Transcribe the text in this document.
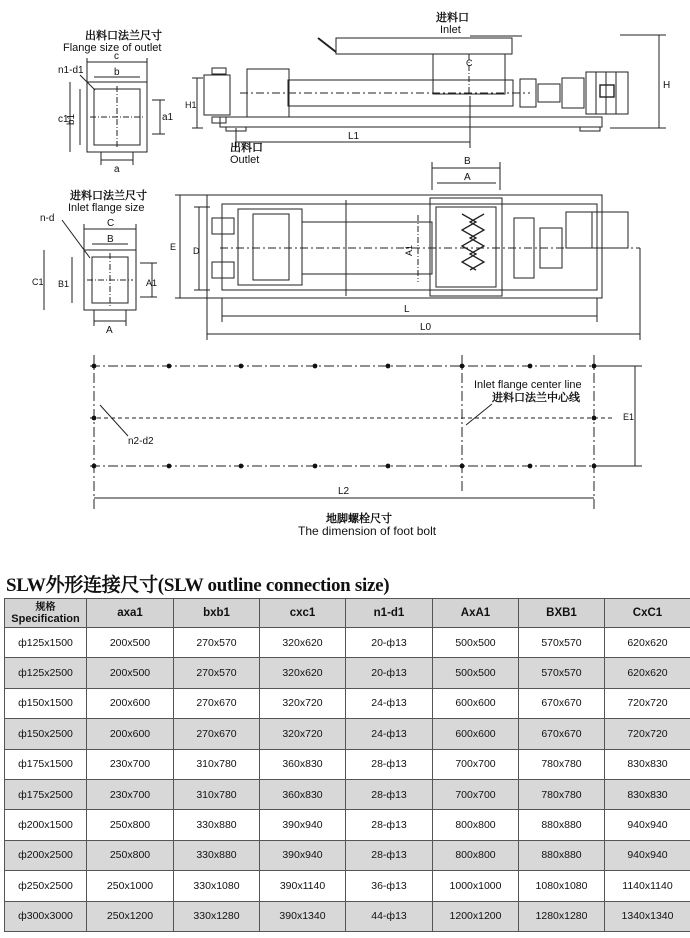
出料口法兰尺寸
Flange size of outlet
c
b
a
c1
b1	a1
n1-d1
进料口
Inlet
C
H1
H
L1
出料口
Outlet	B
A
A1
D
E
L
L0
进料口法兰尺寸
Inlet flange size
C
B
A
C1 B1	A1
n-d
n2-d2
Inlet flange center line
进料口法兰中心线
E1
L2
地脚螺栓尺寸
The dimension of foot bolt
SLW外形连接尺寸(SLW outline connection size)
规格
Specification	axa1	bxb1	cxc1	n1-d1	AxA1	BXB1	CxC1
ф125x1500	200x500	270x570	320x620	20-ф13	500x500	570x570	620x620
ф125x2500	200x500	270x570	320x620	20-ф13	500x500	570x570	620x620
ф150x1500	200x600	270x670	320x720	24-ф13	600x600	670x670	720x720
ф150x2500	200x600	270x670	320x720	24-ф13	600x600	670x670	720x720
ф175x1500	230x700	310x780	360x830	28-ф13	700x700	780x780	830x830
ф175x2500	230x700	310x780	360x830	28-ф13	700x700	780x780	830x830
ф200x1500	250x800	330x880	390x940	28-ф13	800x800	880x880	940x940
ф200x2500	250x800	330x880	390x940	28-ф13	800x800	880x880	940x940
ф250x2500	250x1000	330x1080	390x1140	36-ф13	1000x1000	1080x1080	1140x1140
ф300x3000	250x1200	330x1280	390x1340	44-ф13	1200x1200	1280x1280	1340x1340
